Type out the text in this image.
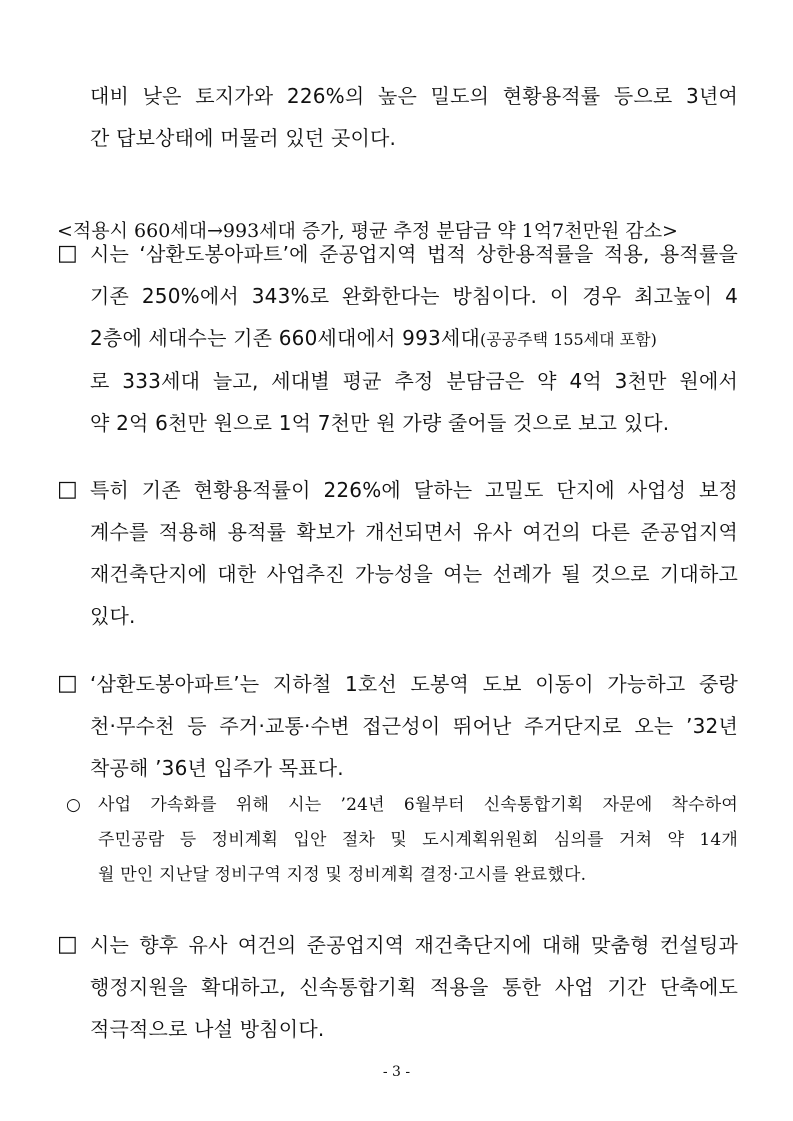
대비 낮은 토지가와 226%의 높은 밀도의 현황용적률 등으로 3년여

간 답보상태에 머물러 있던 곳이다.

<적용시 660세대→993세대 증가, 평균 추정 분담금 약 1억7천만원 감소>

□ 시는 ‘삼환도봉아파트’에 준공업지역 법적 상한용적률을 적용, 용적률을

기존 250%에서 343%로 완화한다는 방침이다. 이 경우 최고높이 4

2층에 세대수는 기존 660세대에서 993세대(공공주택 155세대 포함)

로 333세대 늘고, 세대별 평균 추정 분담금은 약 4억 3천만 원에서

약 2억 6천만 원으로 1억 7천만 원 가량 줄어들 것으로 보고 있다.

□ 특히 기존 현황용적률이 226%에 달하는 고밀도 단지에 사업성 보정

계수를 적용해 용적률 확보가 개선되면서 유사 여건의 다른 준공업지역

재건축단지에 대한 사업추진 가능성을 여는 선례가 될 것으로 기대하고

있다.

□ ‘삼환도봉아파트’는 지하철 1호선 도봉역 도보 이동이 가능하고 중랑

천·무수천 등 주거·교통·수변 접근성이 뛰어난 주거단지로 오는 ’32년

착공해 ’36년 입주가 목표다.

○ 사업 가속화를 위해 시는 ’24년 6월부터 신속통합기획 자문에 착수하여

주민공람 등 정비계획 입안 절차 및 도시계획위원회 심의를 거쳐 약 14개

월 만인 지난달 정비구역 지정 및 정비계획 결정·고시를 완료했다.

□ 시는 향후 유사 여건의 준공업지역 재건축단지에 대해 맞춤형 컨설팅과

행정지원을 확대하고, 신속통합기획 적용을 통한 사업 기간 단축에도

적극적으로 나설 방침이다.

- 3 -
